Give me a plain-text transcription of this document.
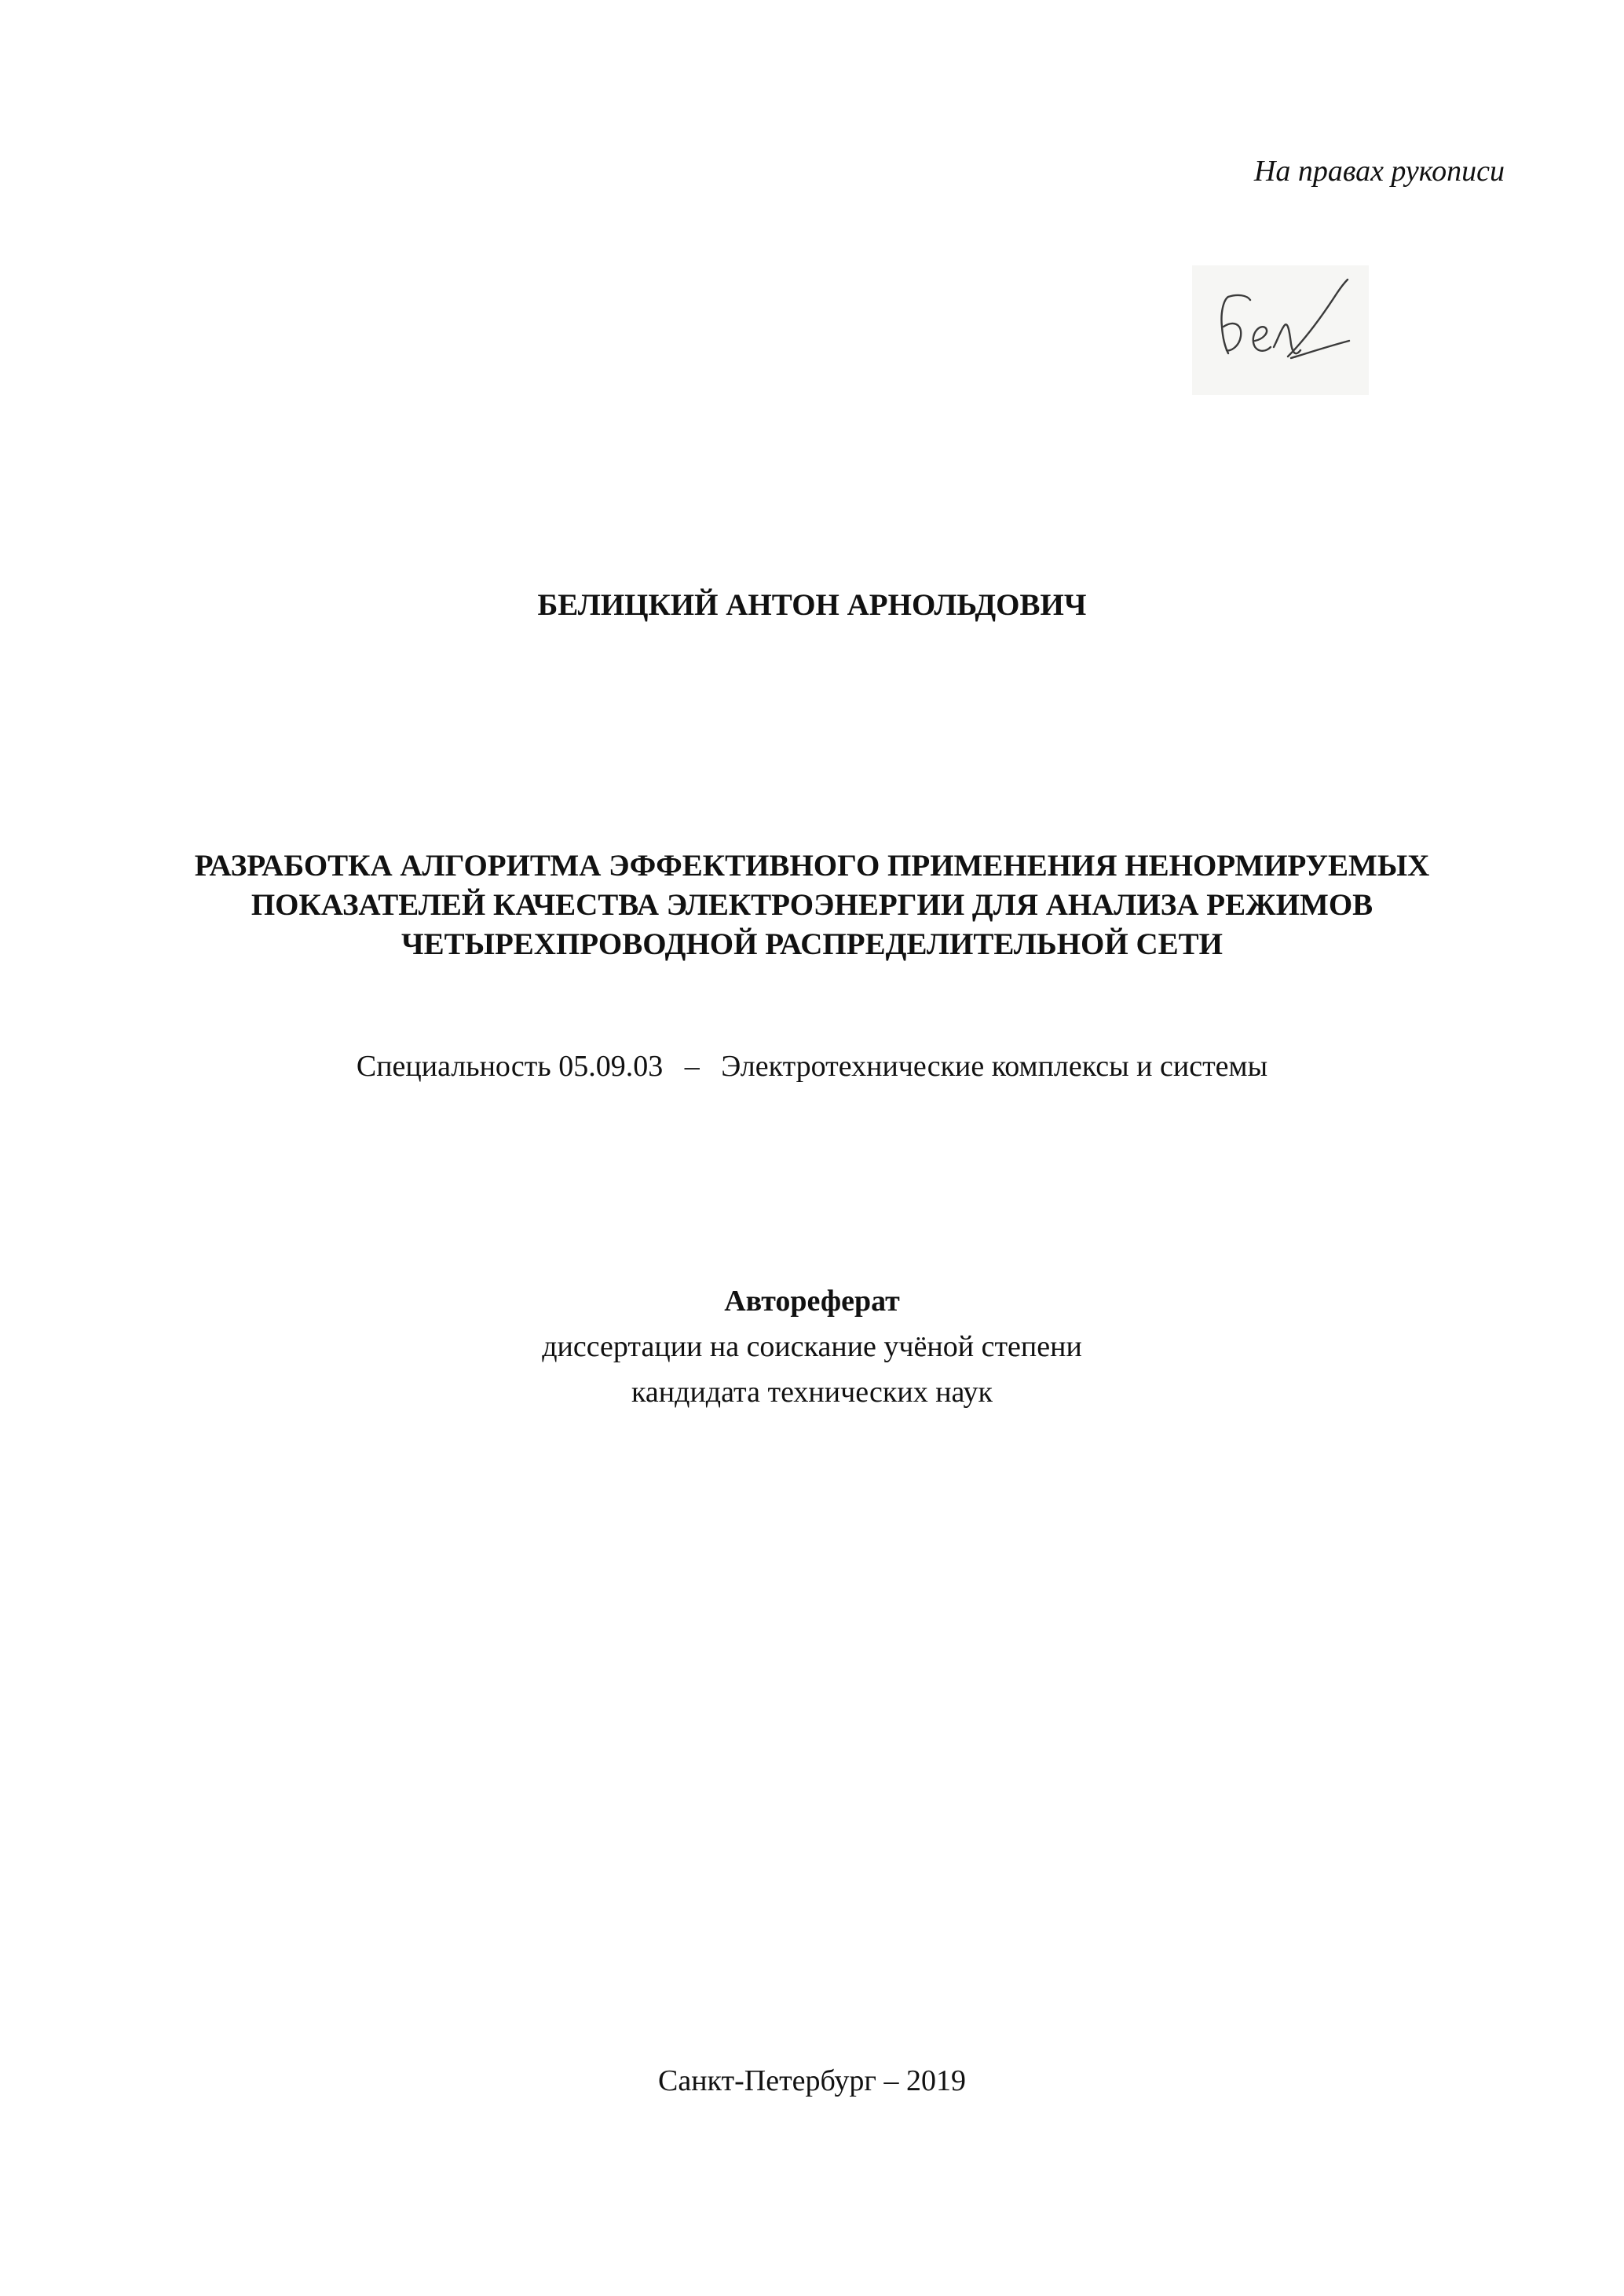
На правах рукописи
БЕЛИЦКИЙ АНТОН АРНОЛЬДОВИЧ
РАЗРАБОТКА АЛГОРИТМА ЭФФЕКТИВНОГО ПРИМЕНЕНИЯ НЕНОРМИРУЕМЫХ
ПОКАЗАТЕЛЕЙ КАЧЕСТВА ЭЛЕКТРОЭНЕРГИИ ДЛЯ АНАЛИЗА РЕЖИМОВ
ЧЕТЫРЕХПРОВОДНОЙ РАСПРЕДЕЛИТЕЛЬНОЙ СЕТИ
Специальность 05.09.03 – Электротехнические комплексы и системы
Автореферат
диссертации на соискание учёной степени
кандидата технических наук
Санкт-Петербург – 2019
